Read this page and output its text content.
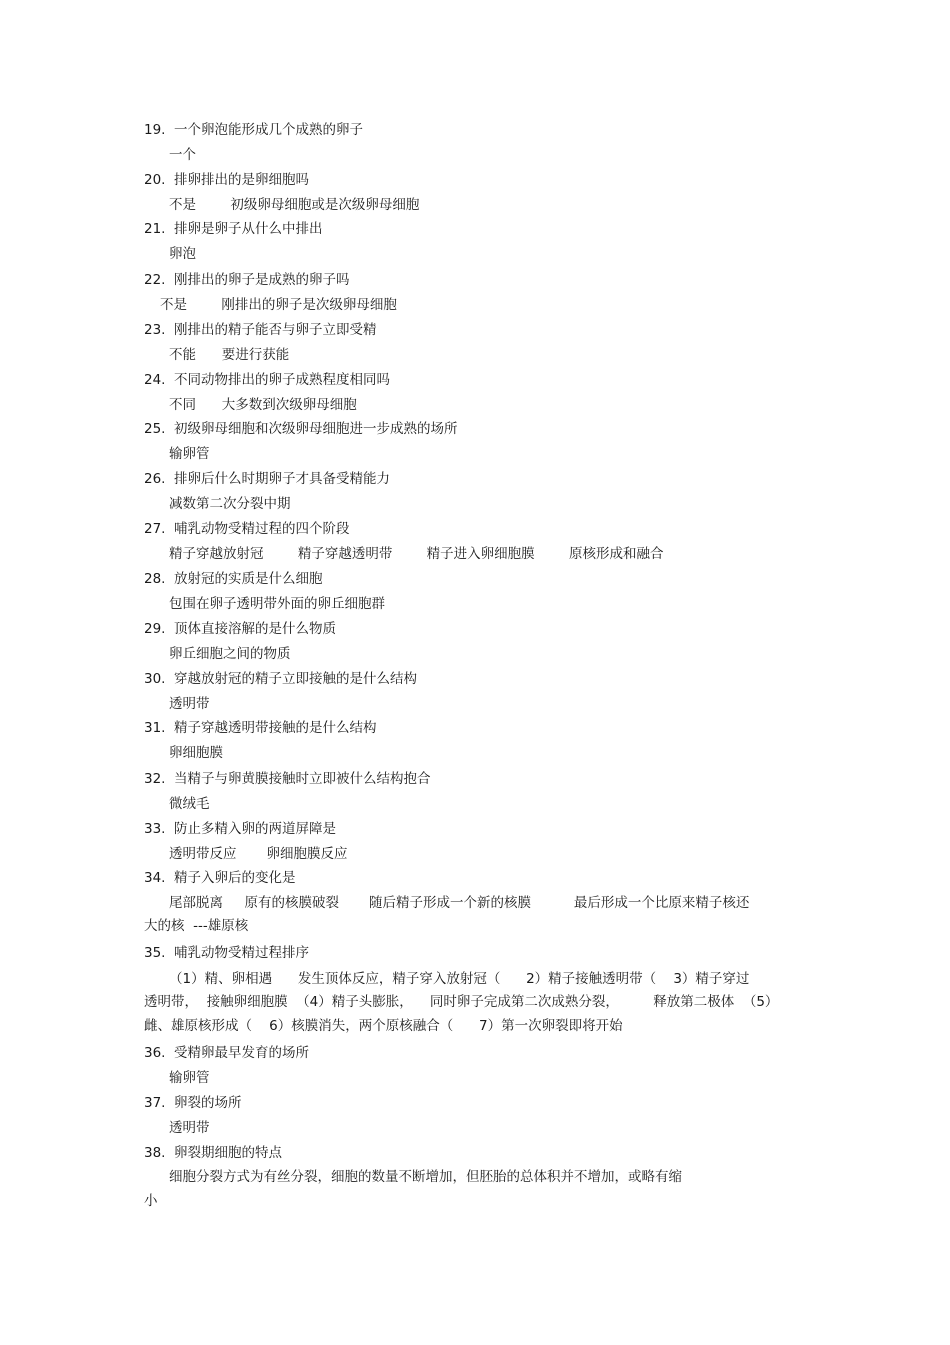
19. 一个卵泡能形成几个成熟的卵子
一个
20. 排卵排出的是卵细胞吗
不是        初级卵母细胞或是次级卵母细胞
21. 排卵是卵子从什么中排出
卵泡
22. 刚排出的卵子是成熟的卵子吗
不是        刚排出的卵子是次级卵母细胞
23. 刚排出的精子能否与卵子立即受精
不能      要进行获能
24. 不同动物排出的卵子成熟程度相同吗
不同      大多数到次级卵母细胞
25. 初级卵母细胞和次级卵母细胞进一步成熟的场所
输卵管
26. 排卵后什么时期卵子才具备受精能力
减数第二次分裂中期
27. 哺乳动物受精过程的四个阶段
精子穿越放射冠        精子穿越透明带        精子进入卵细胞膜        原核形成和融合
28. 放射冠的实质是什么细胞
包围在卵子透明带外面的卵丘细胞群
29. 顶体直接溶解的是什么物质
卵丘细胞之间的物质
30. 穿越放射冠的精子立即接触的是什么结构
透明带
31. 精子穿越透明带接触的是什么结构
卵细胞膜
32. 当精子与卵黄膜接触时立即被什么结构抱合
微绒毛
33. 防止多精入卵的两道屏障是
透明带反应       卵细胞膜反应
34. 精子入卵后的变化是
尾部脱离     原有的核膜破裂       随后精子形成一个新的核膜          最后形成一个比原来精子核还
大的核  ---雄原核
35. 哺乳动物受精过程排序
（1）精、卵相遇      发生顶体反应，精子穿入放射冠（      2）精子接触透明带（    3）精子穿过
透明带，  接触卵细胞膜  （4）精子头膨胀，    同时卵子完成第二次成熟分裂，        释放第二极体  （5）
雌、雄原核形成（    6）核膜消失，两个原核融合（      7）第一次卵裂即将开始
36. 受精卵最早发育的场所
输卵管
37. 卵裂的场所
透明带
38. 卵裂期细胞的特点
细胞分裂方式为有丝分裂，细胞的数量不断增加，但胚胎的总体积并不增加，或略有缩
小
